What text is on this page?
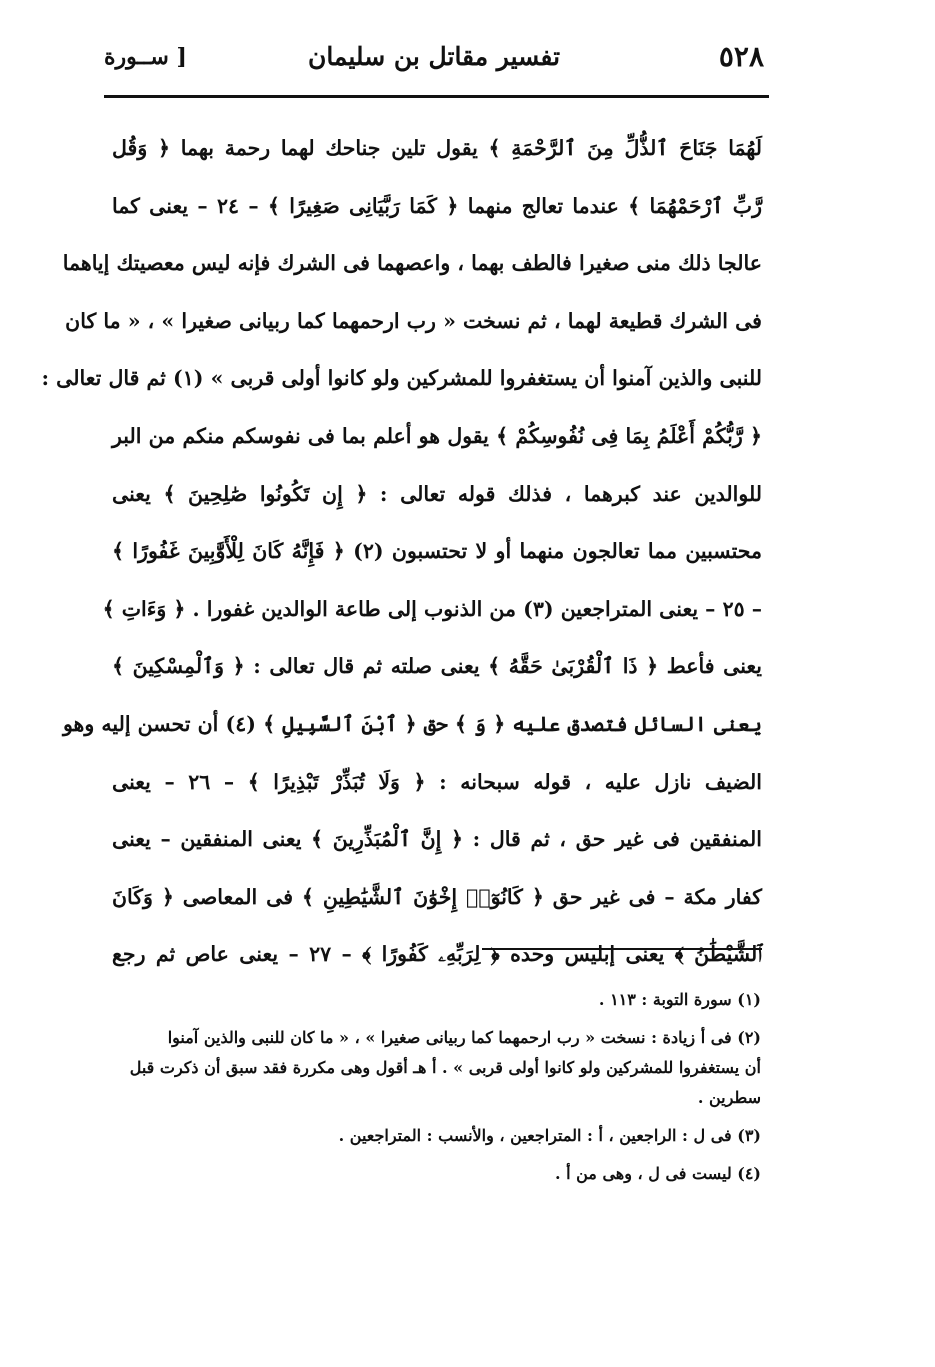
٥٢٨
تفسير مقاتل بن سليمان
[ ســورة
لَهُمَا جَنَاحَ ٱلذُّلِّ مِنَ ٱلرَّحْمَةِ ﴾ يقول تلين جناحك لهما رحمة بهما ﴿ وَقُل
رَّبِّ ٱرْحَمْهُمَا ﴾ عندما تعالج منهما ﴿ كَمَا رَبَّيَانِى صَغِيرًا ﴾ – ٢٤ – يعنى كما
عالجا ذلك منى صغيرا فالطف بهما ، واعصهما فى الشرك فإنه ليس معصيتك إياهما
فى الشرك قطيعة لهما ، ثم نسخت « رب ارحمهما كما ربيانى صغيرا » ، « ما كان
للنبى والذين آمنوا أن يستغفروا للمشركين ولو كانوا أولى قربى » (١) ثم قال تعالى :
﴿ رَّبُّكُمْ أَعْلَمُ بِمَا فِى نُفُوسِكُمْ ﴾ يقول هو أعلم بما فى نفوسكم منكم من البر
للوالدين عند كبرهما ، فذلك قوله تعالى : ﴿ إِن تَكُونُوا صَٰلِحِينَ ﴾ يعنى
محتسبين مما تعالجون منهما أو لا تحتسبون (٢) ﴿ فَإِنَّهُ كَانَ لِلْأَوَّٰبِينَ غَفُورًا ﴾
– ٢٥ – يعنى المتراجعين (٣) من الذنوب إلى طاعة الوالدين غفورا . ﴿ وَءَاتِ ﴾
يعنى فأعط ﴿ ذَا ٱلْقُرْبَىٰ حَقَّهُ ﴾ يعنى صلته ثم قال تعالى : ﴿ وَٱلْمِسْكِينَ ﴾
يعنى السائل فتصدق عليه ﴿ وَ ﴾ حق ﴿ ٱبْنَ ٱلسَّبِيلِ ﴾ (٤) أن تحسن إليه وهو
الضيف نازل عليه ، قوله سبحانه : ﴿ وَلَا تُبَذِّرْ تَبْذِيرًا ﴾ – ٢٦ – يعنى
المنفقين فى غير حق ، ثم قال : ﴿ إِنَّ ٱلْمُبَذِّرِينَ ﴾ يعنى المنفقين – يعنى
كفار مكة – فى غير حق ﴿ كَانُوٓا۟ إِخْوَٰنَ ٱلشَّيَٰطِينِ ﴾ فى المعاصى ﴿ وَكَانَ
ٱلشَّيْطَٰنُ ﴾ يعنى إبليس وحده ﴿ لِرَبِّهِۦ كَفُورًا ﴾ – ٢٧ – يعنى عاص ثم رجع
(١) سورة التوبة : ١١٣ .
(٢) فى أ زيادة : نسخت « رب ارحمهما كما ربيانى صغيرا » ، « ما كان للنبى والذين آمنوا
أن يستغفروا للمشركين ولو كانوا أولى قربى » . أ هـ أقول وهى مكررة فقد سبق أن ذكرت قبل
سطرين .
(٣) فى ل : الراجعين ، أ : المتراجعين ، والأنسب : المتراجعين .
(٤) ليست فى ل ، وهى من أ .
